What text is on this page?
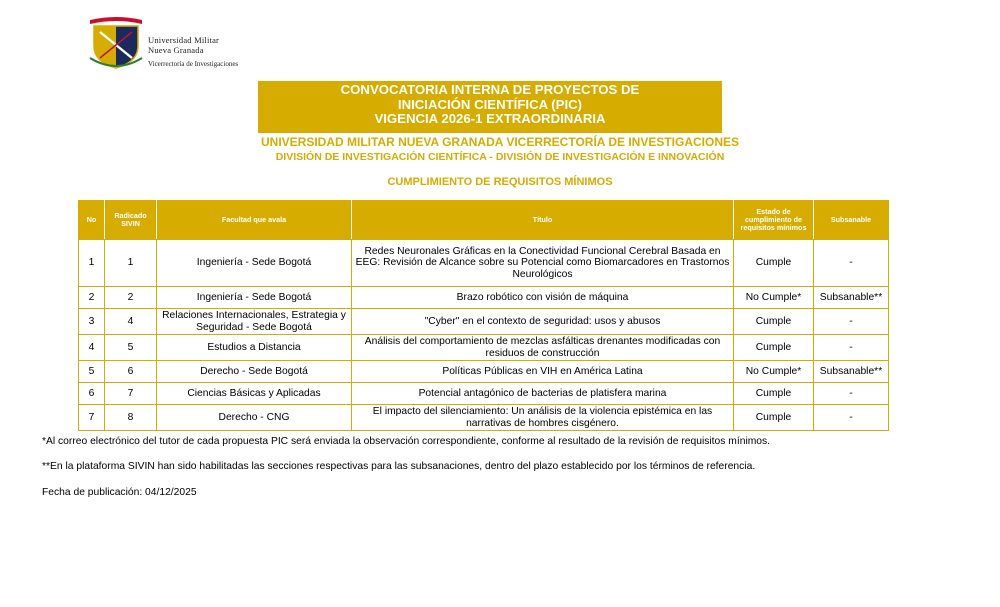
Universidad Militar
Nueva Granada
Vicerrectoría de Investigaciones
CONVOCATORIA INTERNA DE PROYECTOS DE
INICIACIÓN CIENTÍFICA (PIC)
VIGENCIA 2026-1 EXTRAORDINARIA
UNIVERSIDAD MILITAR NUEVA GRANADA VICERRECTORÍA DE INVESTIGACIONES
DIVISIÓN DE INVESTIGACIÓN CIENTÍFICA - DIVISIÓN DE INVESTIGACIÓN E INNOVACIÓN
CUMPLIMIENTO DE REQUISITOS MÍNIMOS
No	Radicado SIVIN	Facultad que avala	Título	Estado de cumplimiento de requisitos mínimos	Subsanable
1	1	Ingeniería - Sede Bogotá	Redes Neuronales Gráficas en la Conectividad Funcional Cerebral Basada en EEG: Revisión de Alcance sobre su Potencial como Biomarcadores en Trastornos Neurológicos	Cumple	-
2	2	Ingeniería - Sede Bogotá	Brazo robótico con visión de máquina	No Cumple*	Subsanable**
3	4	Relaciones Internacionales, Estrategia y Seguridad - Sede Bogotá	"Cyber" en el contexto de seguridad: usos y abusos	Cumple	-
4	5	Estudios a Distancia	Análisis del comportamiento de mezclas asfálticas drenantes modificadas con residuos de construcción	Cumple	-
5	6	Derecho - Sede Bogotá	Políticas Públicas en VIH en América Latina	No Cumple*	Subsanable**
6	7	Ciencias Básicas y Aplicadas	Potencial antagónico de bacterias de platisfera marina	Cumple	-
7	8	Derecho - CNG	El impacto del silenciamiento: Un análisis de la violencia epistémica en las narrativas de hombres cisgénero.	Cumple	-
*Al correo electrónico del tutor de cada propuesta PIC será enviada la observación correspondiente, conforme al resultado de la revisión de requisitos mínimos.
**En la plataforma SIVIN han sido habilitadas las secciones respectivas para las subsanaciones, dentro del plazo establecido por los términos de referencia.
Fecha de publicación: 04/12/2025
